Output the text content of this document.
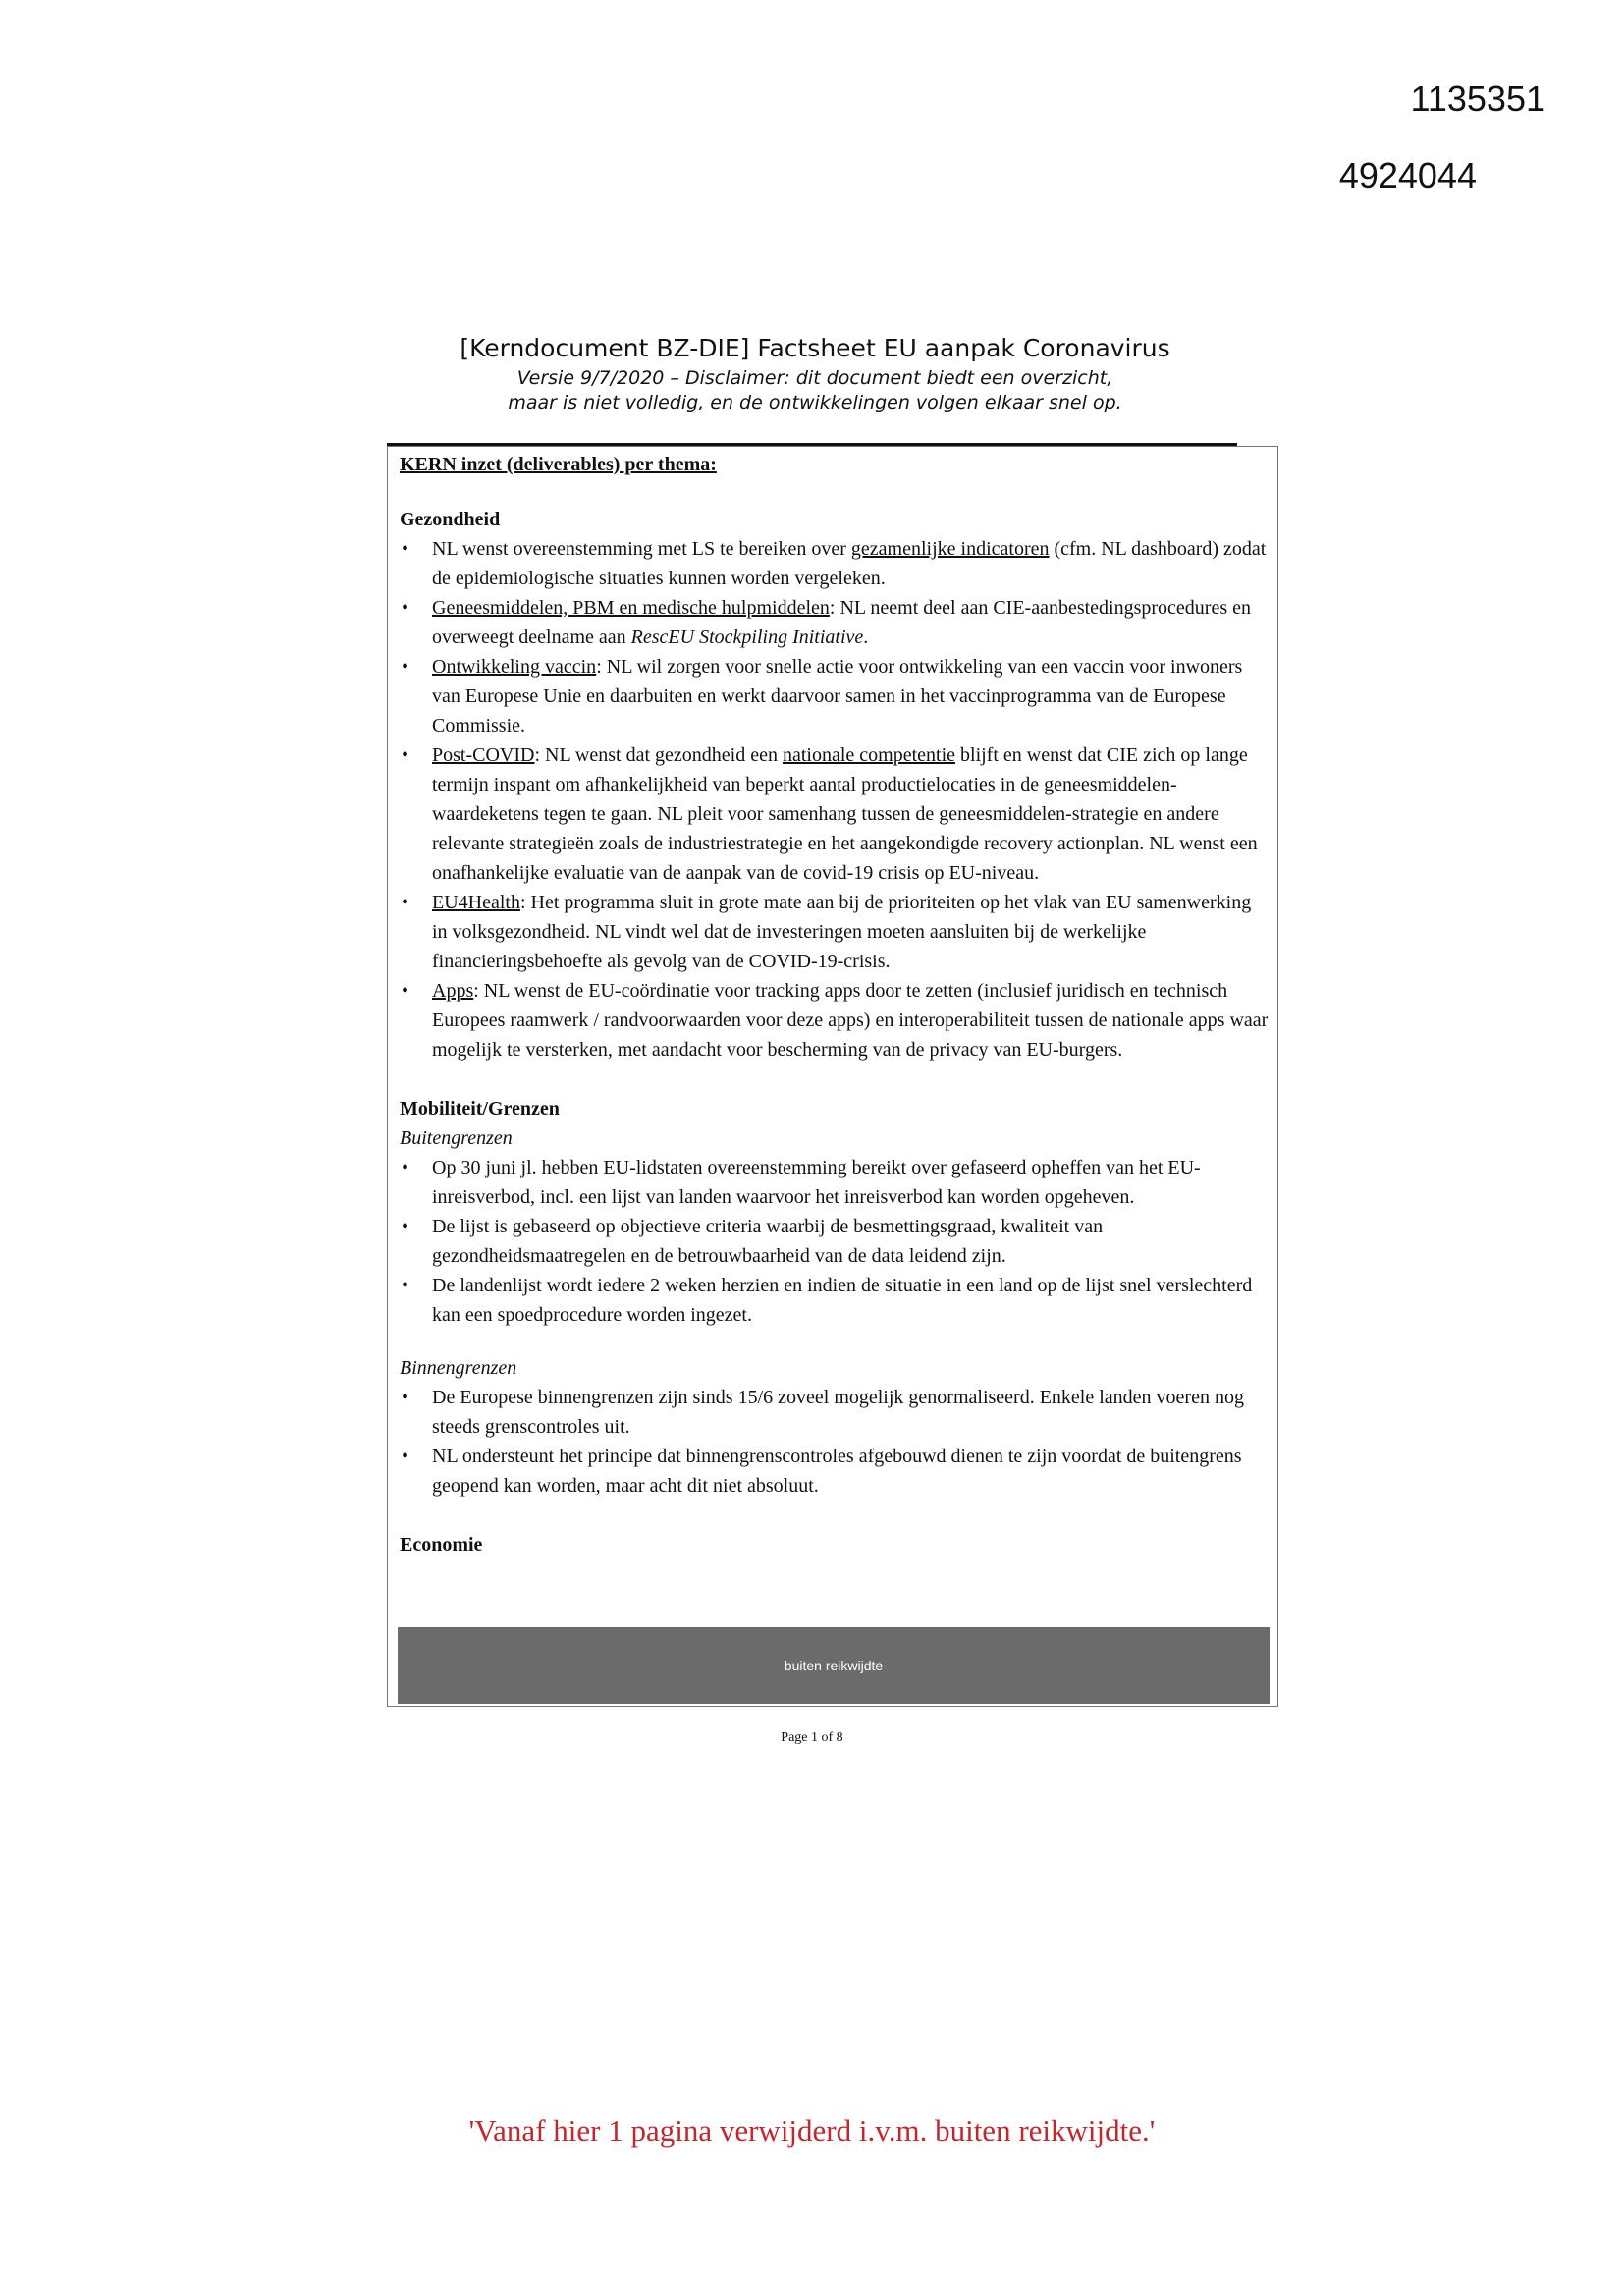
1135351
4924044

[Kerndocument BZ-DIE] Factsheet EU aanpak Coronavirus

Versie 9/7/2020 – Disclaimer: dit document biedt een overzicht,

maar is niet volledig, en de ontwikkelingen volgen elkaar snel op.

KERN inzet (deliverables) per thema:
Gezondheid
• NL wenst overeenstemming met LS te bereiken over gezamenlijke indicatoren (cfm. NL dashboard) zodat de epidemiologische situaties kunnen worden vergeleken.
• Geneesmiddelen, PBM en medische hulpmiddelen: NL neemt deel aan CIE-aanbestedingsprocedures en overweegt deelname aan RescEU Stockpiling Initiative.
• Ontwikkeling vaccin: NL wil zorgen voor snelle actie voor ontwikkeling van een vaccin voor inwoners van Europese Unie en daarbuiten en werkt daarvoor samen in het vaccinprogramma van de Europese Commissie.
• Post-COVID: NL wenst dat gezondheid een nationale competentie blijft en wenst dat CIE zich op lange termijn inspant om afhankelijkheid van beperkt aantal productielocaties in de geneesmiddelen-waardeketens tegen te gaan. NL pleit voor samenhang tussen de geneesmiddelen-strategie en andere relevante strategieën zoals de industriestrategie en het aangekondigde recovery actionplan. NL wenst een onafhankelijke evaluatie van de aanpak van de covid-19 crisis op EU-niveau.
• EU4Health: Het programma sluit in grote mate aan bij de prioriteiten op het vlak van EU samenwerking in volksgezondheid. NL vindt wel dat de investeringen moeten aansluiten bij de werkelijke financieringsbehoefte als gevolg van de COVID-19-crisis.
• Apps: NL wenst de EU-coördinatie voor tracking apps door te zetten (inclusief juridisch en technisch Europees raamwerk / randvoorwaarden voor deze apps) en interoperabiliteit tussen de nationale apps waar mogelijk te versterken, met aandacht voor bescherming van de privacy van EU-burgers.
Mobiliteit/Grenzen

Buitengrenzen

• Op 30 juni jl. hebben EU-lidstaten overeenstemming bereikt over gefaseerd opheffen van het EU-inreisverbod, incl. een lijst van landen waarvoor het inreisverbod kan worden opgeheven.
• De lijst is gebaseerd op objectieve criteria waarbij de besmettingsgraad, kwaliteit van gezondheidsmaatregelen en de betrouwbaarheid van de data leidend zijn.
• De landenlijst wordt iedere 2 weken herzien en indien de situatie in een land op de lijst snel verslechterd kan een spoedprocedure worden ingezet.

Binnengrenzen

• De Europese binnengrenzen zijn sinds 15/6 zoveel mogelijk genormaliseerd. Enkele landen voeren nog steeds grenscontroles uit.
• NL ondersteunt het principe dat binnengrenscontroles afgebouwd dienen te zijn voordat de buitengrens geopend kan worden, maar acht dit niet absoluut.
Economie
buiten reikwijdte
Page 1 of 8
'Vanaf hier 1 pagina verwijderd i.v.m. buiten reikwijdte.'
